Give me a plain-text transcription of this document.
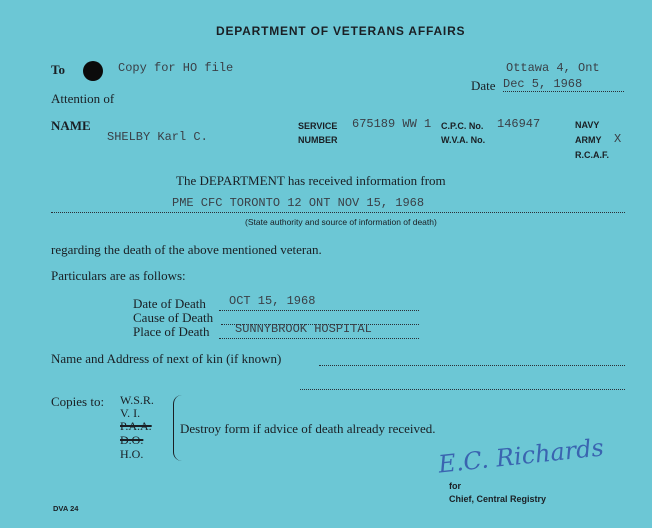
DEPARTMENT OF VETERANS AFFAIRS
To	Copy for HO file	Ottawa 4, Ont
Date Dec 5, 1968
Attention of
NAME
SHELBY Karl C.
SERVICE
NUMBER
675189 WW 1 C.P.C. No. 146947
W.V.A. No.
NAVY
ARMY X
R.C.A.F.
The DEPARTMENT has received information from
PME CFC TORONTO 12 ONT NOV 15, 1968
(State authority and source of information of death)
regarding the death of the above mentioned veteran.
Particulars are as follows:
Date of Death OCT 15, 1968
Cause of Death
Place of Death SUNNYBROOK HOSPITAL
Name and Address of next of kin (if known)
Copies to: W.S.R.
V. I.
P.A.A.
D.O.
H.O.
Destroy form if advice of death already received.
E.C. Richards
for
Chief, Central Registry
DVA 24
